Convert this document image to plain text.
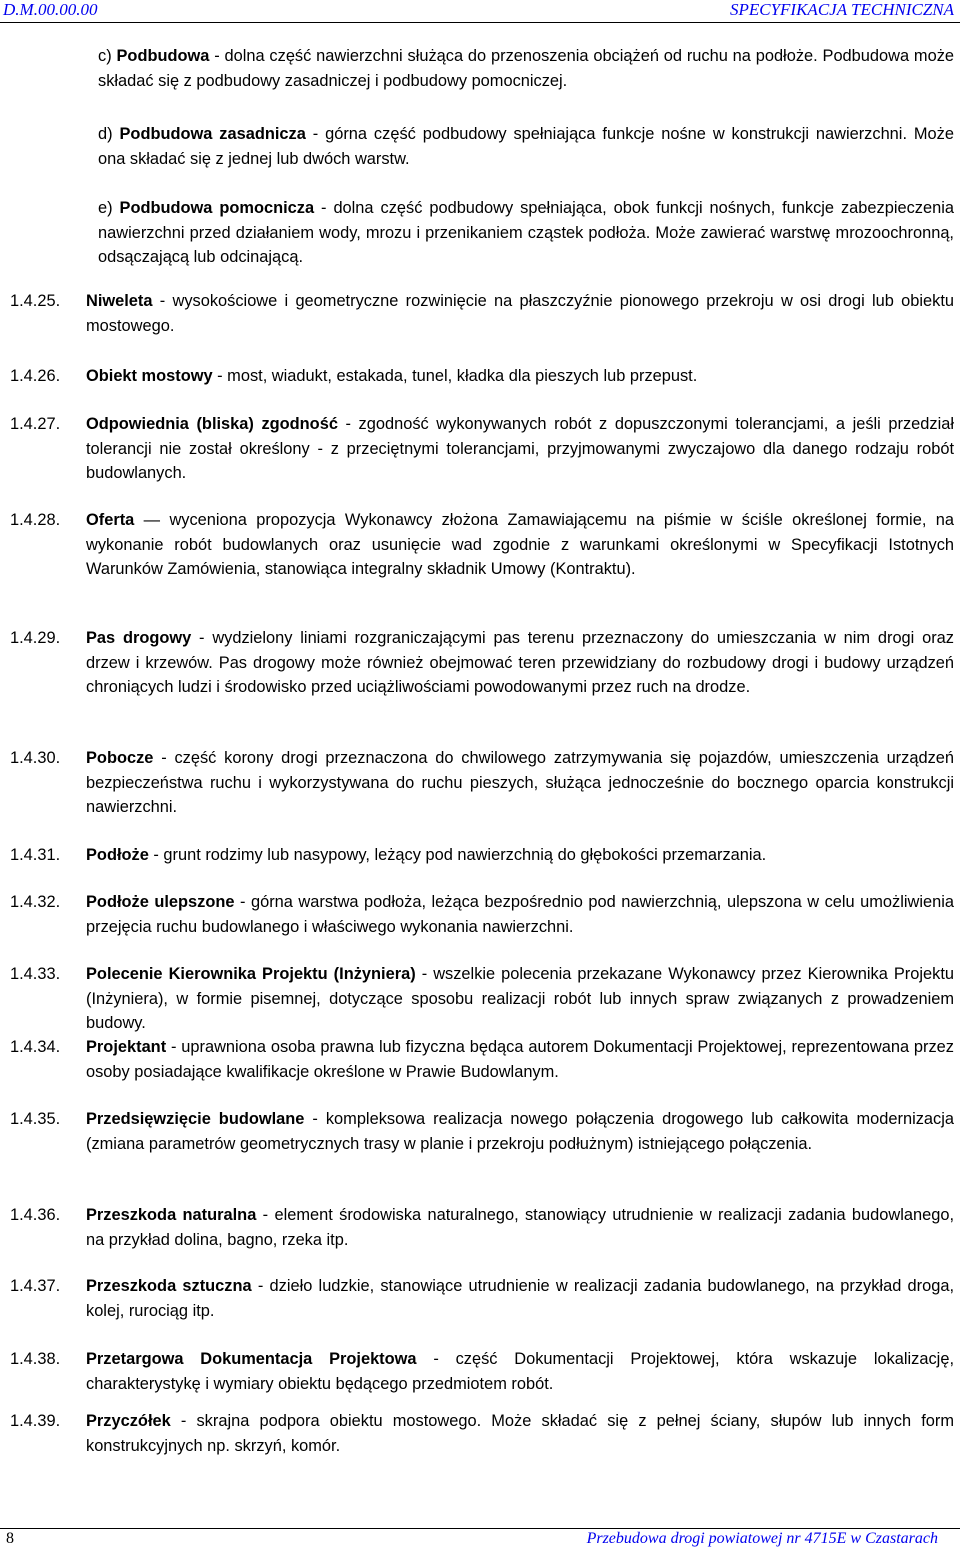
D.M.00.00.00	SPECYFIKACJA TECHNICZNA
c) Podbudowa - dolna część nawierzchni służąca do przenoszenia obciążeń od ruchu na podłoże. Podbudowa może składać się z podbudowy zasadniczej i podbudowy pomocniczej.
d) Podbudowa zasadnicza - górna część podbudowy spełniająca funkcje nośne w konstrukcji nawierzchni. Może ona składać się z jednej lub dwóch warstw.
e) Podbudowa pomocnicza - dolna część podbudowy spełniająca, obok funkcji nośnych, funkcje zabezpieczenia nawierzchni przed działaniem wody, mrozu i przenikaniem cząstek podłoża. Może zawierać warstwę mrozoochronną, odsączającą lub odcinającą.
1.4.25. Niweleta - wysokościowe i geometryczne rozwinięcie na płaszczyźnie pionowego przekroju w osi drogi lub obiektu mostowego.
1.4.26. Obiekt mostowy - most, wiadukt, estakada, tunel, kładka dla pieszych lub przepust.
1.4.27. Odpowiednia (bliska) zgodność - zgodność wykonywanych robót z dopuszczonymi tolerancjami, a jeśli przedział tolerancji nie został określony - z przeciętnymi tolerancjami, przyjmowanymi zwyczajowo dla danego rodzaju robót budowlanych.
1.4.28. Oferta — wyceniona propozycja Wykonawcy złożona Zamawiającemu na piśmie w ściśle określonej formie, na wykonanie robót budowlanych oraz usunięcie wad zgodnie z warunkami określonymi w Specyfikacji Istotnych Warunków Zamówienia, stanowiąca integralny składnik Umowy (Kontraktu).
1.4.29. Pas drogowy - wydzielony liniami rozgraniczającymi pas terenu przeznaczony do umieszczania w nim drogi oraz drzew i krzewów. Pas drogowy może również obejmować teren przewidziany do rozbudowy drogi i budowy urządzeń chroniących ludzi i środowisko przed uciążliwościami powodowanymi przez ruch na drodze.
1.4.30. Pobocze - część korony drogi przeznaczona do chwilowego zatrzymywania się pojazdów, umieszczenia urządzeń bezpieczeństwa ruchu i wykorzystywana do ruchu pieszych, służąca jednocześnie do bocznego oparcia konstrukcji nawierzchni.
1.4.31. Podłoże - grunt rodzimy lub nasypowy, leżący pod nawierzchnią do głębokości przemarzania.
1.4.32. Podłoże ulepszone - górna warstwa podłoża, leżąca bezpośrednio pod nawierzchnią, ulepszona w celu umożliwienia przejęcia ruchu budowlanego i właściwego wykonania nawierzchni.
1.4.33. Polecenie Kierownika Projektu (Inżyniera) - wszelkie polecenia przekazane Wykonawcy przez Kierownika Projektu (Inżyniera), w formie pisemnej, dotyczące sposobu realizacji robót lub innych spraw związanych z prowadzeniem budowy.
1.4.34. Projektant - uprawniona osoba prawna lub fizyczna będąca autorem Dokumentacji Projektowej, reprezentowana przez osoby posiadające kwalifikacje określone w Prawie Budowlanym.
1.4.35. Przedsięwzięcie budowlane - kompleksowa realizacja nowego połączenia drogowego lub całkowita modernizacja (zmiana parametrów geometrycznych trasy w planie i przekroju podłużnym) istniejącego połączenia.
1.4.36. Przeszkoda naturalna - element środowiska naturalnego, stanowiący utrudnienie w realizacji zadania budowlanego, na przykład dolina, bagno, rzeka itp.
1.4.37. Przeszkoda sztuczna - dzieło ludzkie, stanowiące utrudnienie w realizacji zadania budowlanego, na przykład droga, kolej, rurociąg itp.
1.4.38. Przetargowa Dokumentacja Projektowa - część Dokumentacji Projektowej, która wskazuje lokalizację, charakterystykę i wymiary obiektu będącego przedmiotem robót.
1.4.39. Przyczółek - skrajna podpora obiektu mostowego. Może składać się z pełnej ściany, słupów lub innych form konstrukcyjnych np. skrzyń, komór.
8	Przebudowa drogi powiatowej nr 4715E w Czastarach
